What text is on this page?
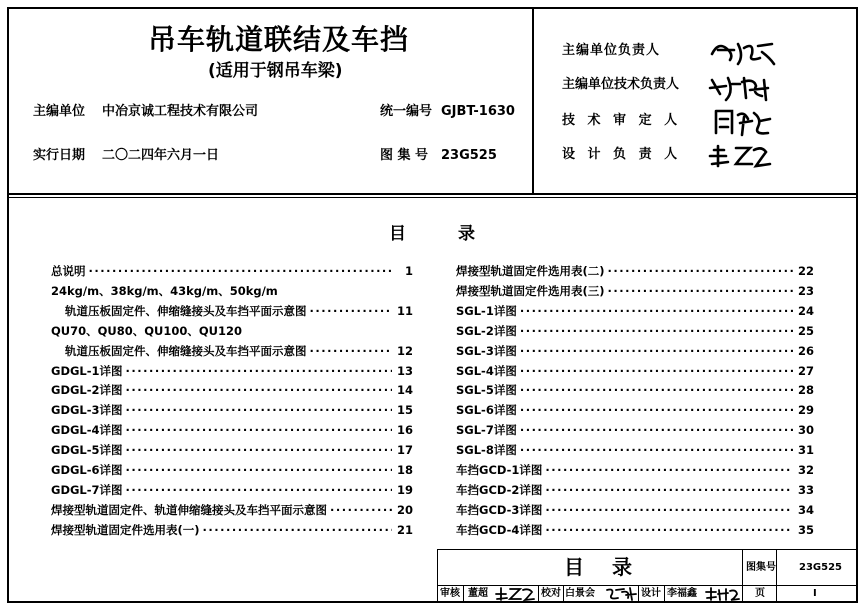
吊车轨道联结及车挡
(适用于钢吊车梁)
主编单位 中冶京诚工程技术有限公司	统一编号 GJBT-1630
实行日期 二〇二四年六月一日	图 集 号 23G525
主编单位负责人
主编单位技术负责人
技 术 审 定 人
设 计 负 责 人
目　　录
总说明 ·····	1
24kg/m、38kg/m、43kg/m、50kg/m
轨道压板固定件、伸缩缝接头及车挡平面示意图 ·····	11
QU70、QU80、QU100、QU120
轨道压板固定件、伸缩缝接头及车挡平面示意图 ·····	12
GDGL-1详图 ·····	13
GDGL-2详图 ·····	14
GDGL-3详图 ·····	15
GDGL-4详图 ·····	16
GDGL-5详图 ·····	17
GDGL-6详图 ·····	18
GDGL-7详图 ·····	19
焊接型轨道固定件、轨道伸缩缝接头及车挡平面示意图 ·····	20
焊接型轨道固定件选用表(一) ·····	21
焊接型轨道固定件选用表(二) ·····	22
焊接型轨道固定件选用表(三) ·····	23
SGL-1详图 ·····	24
SGL-2详图 ·····	25
SGL-3详图 ·····	26
SGL-4详图 ·····	27
SGL-5详图 ·····	28
SGL-6详图 ·····	29
SGL-7详图 ·····	30
SGL-8详图 ·····	31
车挡GCD-1详图 ·····	32
车挡GCD-2详图 ·····	33
车挡GCD-3详图 ·····	34
车挡GCD-4详图 ·····	35
目　录	图集号 23G525
审核 董超	校对 白景会	设计 李福鑫	页	Ⅰ
